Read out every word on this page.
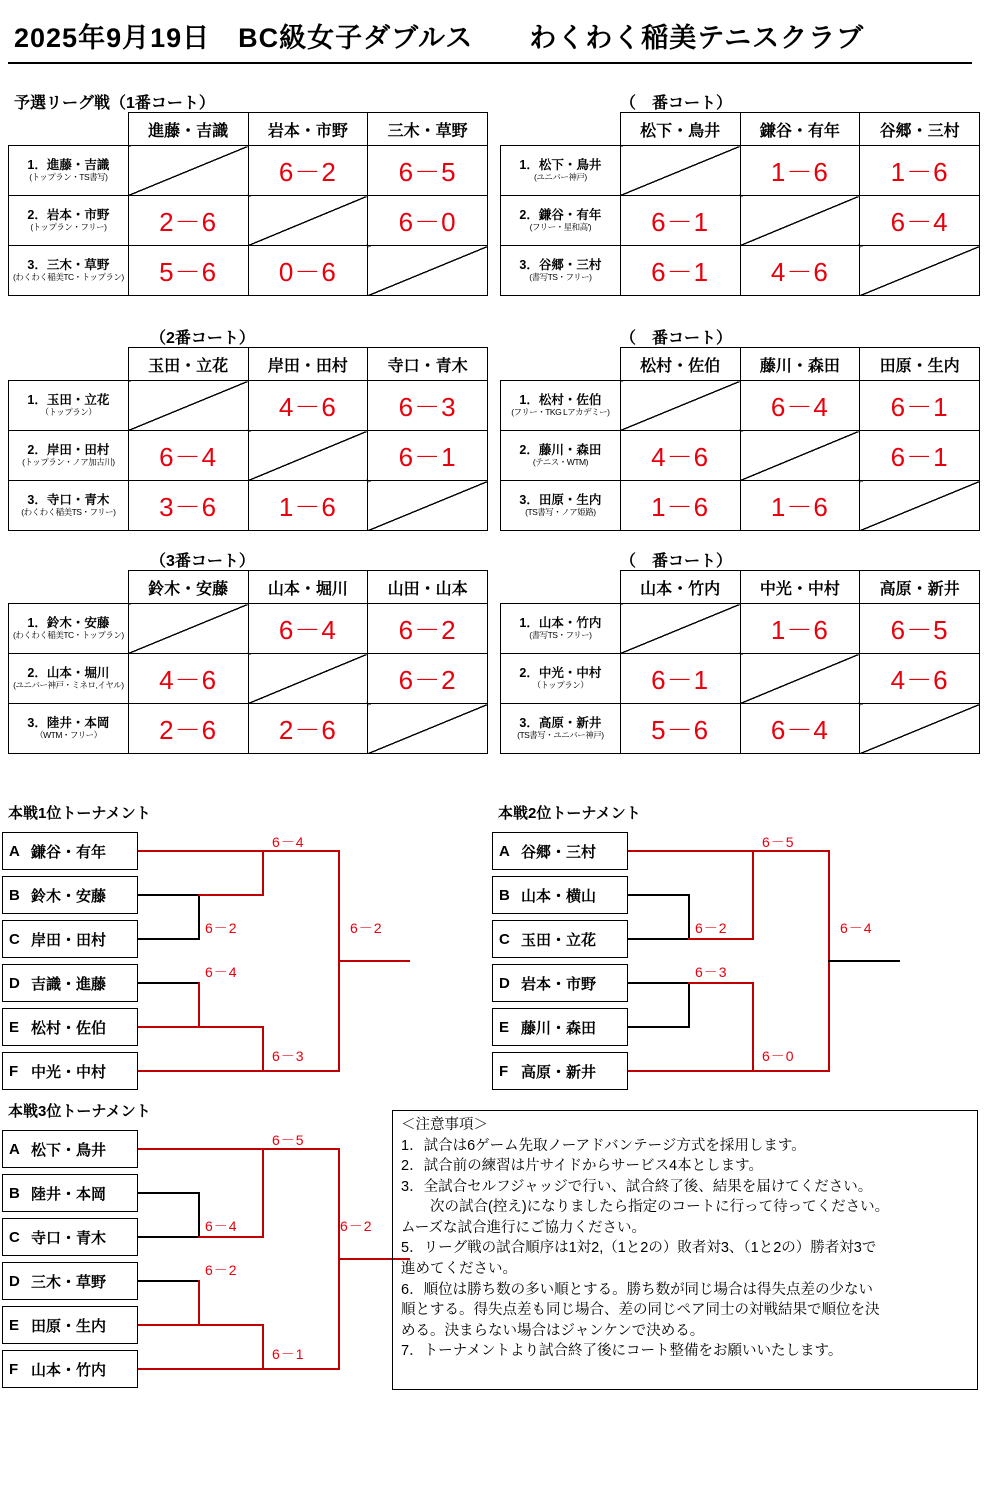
2025年9月19日　BC級女子ダブルス　　わくわく稲美テニスクラブ
予選リーグ戦（1番コート）
	進藤・吉識	岩本・市野	三木・草野
1．進藤・吉識
(トップラン・TS書写)		6－2	6－5
2．岩本・市野
(トップラン・フリー)	2－6		6－0
3．三木・草野
(わくわく稲美TC・トップラン)	5－6	0－6	
（　番コート）
	松下・鳥井	鎌谷・有年	谷郷・三村
1．松下・鳥井
(ユニバー神戸)		1－6	1－6
2．鎌谷・有年
(フリー・星和高')	6－1		6－4
3．谷郷・三村
(書写TS・フリー)	6－1	4－6	
（2番コート）
	玉田・立花	岸田・田村	寺口・青木
1．玉田・立花
（トップラン）		4－6	6－3
2．岸田・田村
(トップラン・ノア加古川)	6－4		6－1
3．寺口・青木
(わくわく稲美TS・フリー)	3－6	1－6	
（　番コート）
	松村・佐伯	藤川・森田	田原・生内
1．松村・佐伯
(フリー・TKG Lアカデミー)		6－4	6－1
2．藤川・森田
(テニス・WTM)	4－6		6－1
3．田原・生内
(TS書写・ノア姫路)	1－6	1－6	
（3番コート）
	鈴木・安藤	山本・堀川	山田・山本
1．鈴木・安藤
(わくわく稲美TC・トップラン)		6－4	6－2
2．山本・堀川
(ユニバー神戸・ミネロ,イヤル)	4－6		6－2
3．陸井・本岡
（WTM・フリー）	2－6	2－6	
（　番コート）
	山本・竹内	中光・中村	高原・新井
1．山本・竹内
(書写TS・フリー)		1－6	6－5
2．中光・中村
（トップラン）	6－1		4－6
3．高原・新井
(TS書写・ユニバー神戸)	5－6	6－4	
本戦1位トーナメント
A 鎌谷・有年
B 鈴木・安藤
C 岸田・田村
D 吉識・進藤
E 松村・佐伯
F 中光・中村
6－2
6－4
6－4
6－3
6－2
本戦2位トーナメント
A 谷郷・三村
B 山本・横山
C 玉田・立花
D 岩本・市野
E 藤川・森田
F 高原・新井
6－2
6－3
6－5
6－0
6－4
本戦3位トーナメント
A 松下・鳥井
B 陸井・本岡
C 寺口・青木
D 三木・草野
E 田原・生内
F 山本・竹内
6－4
6－2
6－5
6－1
6－2
＜注意事項＞
1．試合は6ゲーム先取ノーアドバンテージ方式を採用します。
2．試合前の練習は片サイドからサービス4本とします。
3．全試合セルフジャッジで行い、試合終了後、結果を届けてください。
　　次の試合(控え)になりましたら指定のコートに行って待ってください。
ムーズな試合進行にご協力ください。
5．リーグ戦の試合順序は1対2,（1と2の）敗者対3、（1と2の）勝者対3で
進めてください。
6．順位は勝ち数の多い順とする。勝ち数が同じ場合は得失点差の少ない
順とする。得失点差も同じ場合、差の同じペア同士の対戦結果で順位を決
める。決まらない場合はジャンケンで決める。
7．トーナメントより試合終了後にコート整備をお願いいたします。
